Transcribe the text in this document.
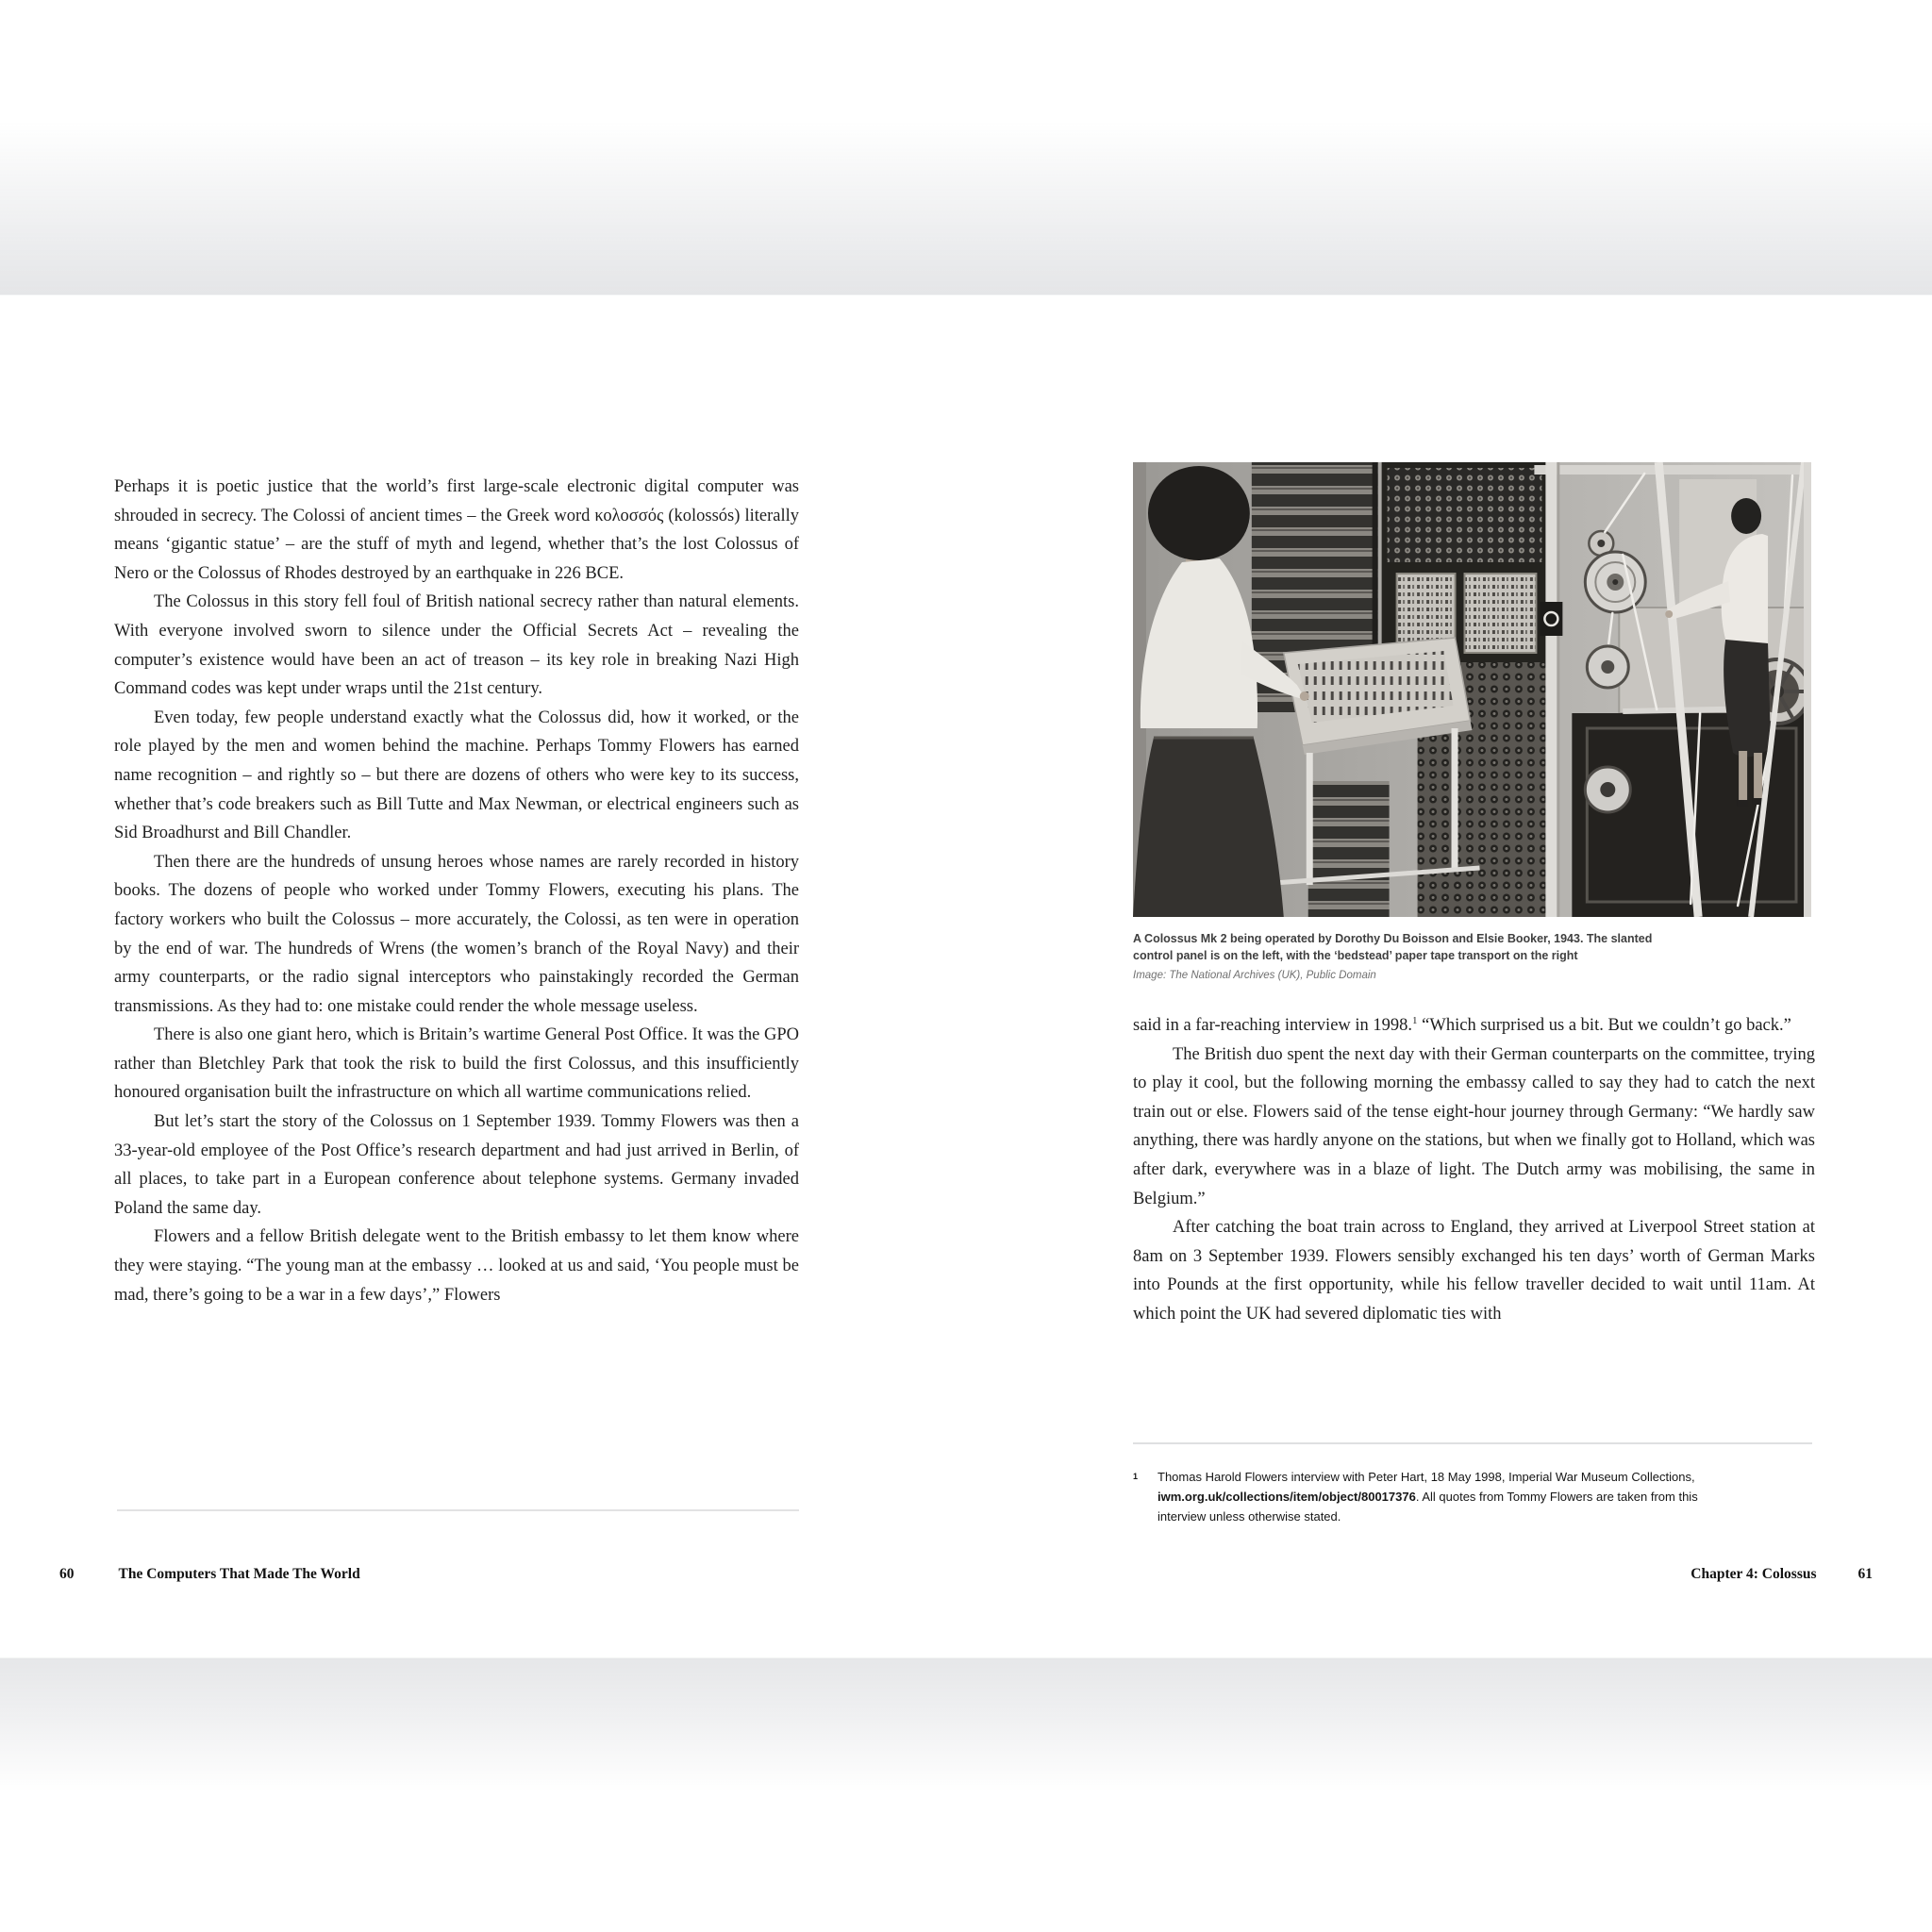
Perhaps it is poetic justice that the world’s first large-scale electronic digital computer was shrouded in secrecy. The Colossi of ancient times – the Greek word κολοσσός (kolossós) literally means ‘gigantic statue’ – are the stuff of myth and legend, whether that’s the lost Colossus of Nero or the Colossus of Rhodes destroyed by an earthquake in 226 BCE.

The Colossus in this story fell foul of British national secrecy rather than natural elements. With everyone involved sworn to silence under the Official Secrets Act – revealing the computer’s existence would have been an act of treason – its key role in breaking Nazi High Command codes was kept under wraps until the 21st century.

Even today, few people understand exactly what the Colossus did, how it worked, or the role played by the men and women behind the machine. Perhaps Tommy Flowers has earned name recognition – and rightly so – but there are dozens of others who were key to its success, whether that’s code breakers such as Bill Tutte and Max Newman, or electrical engineers such as Sid Broadhurst and Bill Chandler.

Then there are the hundreds of unsung heroes whose names are rarely recorded in history books. The dozens of people who worked under Tommy Flowers, executing his plans. The factory workers who built the Colossus – more accurately, the Colossi, as ten were in operation by the end of war. The hundreds of Wrens (the women’s branch of the Royal Navy) and their army counterparts, or the radio signal interceptors who painstakingly recorded the German transmissions. As they had to: one mistake could render the whole message useless.

There is also one giant hero, which is Britain’s wartime General Post Office. It was the GPO rather than Bletchley Park that took the risk to build the first Colossus, and this insufficiently honoured organisation built the infrastructure on which all wartime communications relied.

But let’s start the story of the Colossus on 1 September 1939. Tommy Flowers was then a 33-year-old employee of the Post Office’s research department and had just arrived in Berlin, of all places, to take part in a European conference about telephone systems. Germany invaded Poland the same day.

Flowers and a fellow British delegate went to the British embassy to let them know where they were staying. “The young man at the embassy … looked at us and said, ‘You people must be mad, there’s going to be a war in a few days’,” Flowers

60	The Computers That Made The World
A Colossus Mk 2 being operated by Dorothy Du Boisson and Elsie Booker, 1943. The slanted control panel is on the left, with the ‘bedstead’ paper tape transport on the right
Image: The National Archives (UK), Public Domain

said in a far-reaching interview in 1998.$^1$ “Which surprised us a bit. But we couldn’t go back.”

The British duo spent the next day with their German counterparts on the committee, trying to play it cool, but the following morning the embassy called to say they had to catch the next train out or else. Flowers said of the tense eight-hour journey through Germany: “We hardly saw anything, there was hardly anyone on the stations, but when we finally got to Holland, which was after dark, everywhere was in a blaze of light. The Dutch army was mobilising, the same in Belgium.”

After catching the boat train across to England, they arrived at Liverpool Street station at 8am on 3 September 1939. Flowers sensibly exchanged his ten days’ worth of German Marks into Pounds at the first opportunity, while his fellow traveller decided to wait until 11am. At which point the UK had severed diplomatic ties with

1	Thomas Harold Flowers interview with Peter Hart, 18 May 1998, Imperial War Museum Collections, iwm.org.uk/collections/item/object/80017376. All quotes from Tommy Flowers are taken from this interview unless otherwise stated.
Chapter 4: Colossus	61
